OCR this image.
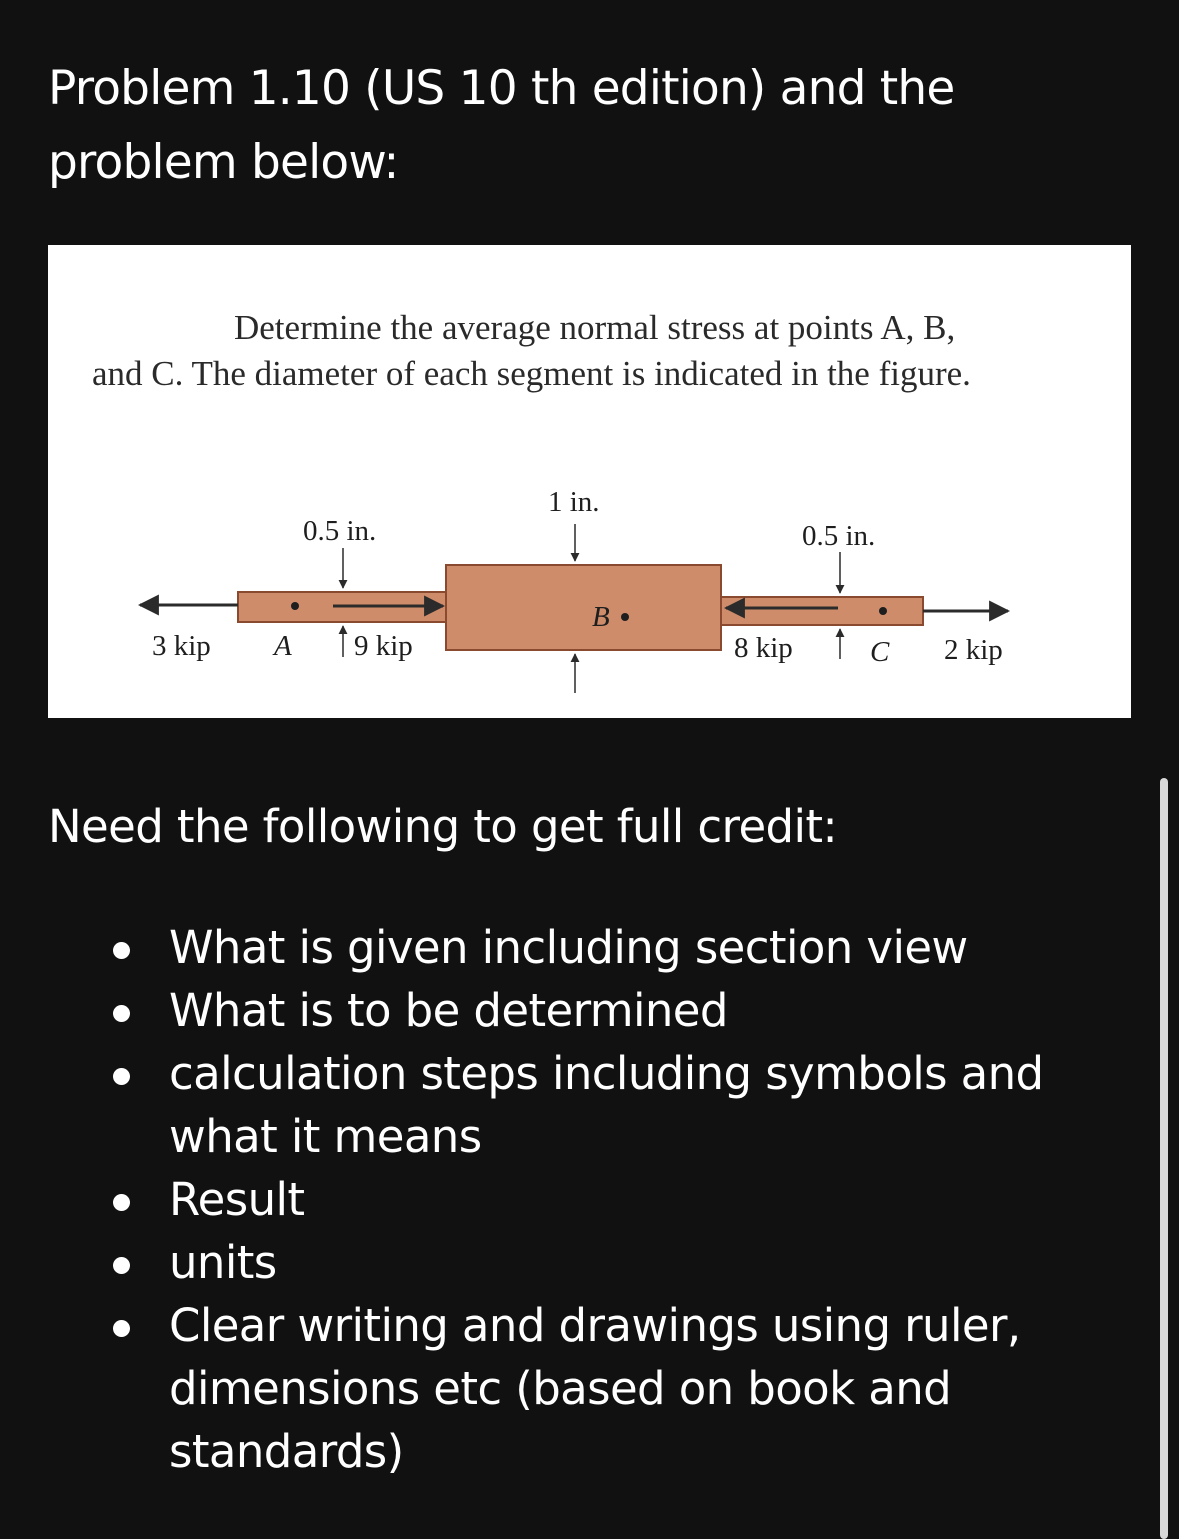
Problem 1.10 (US 10 th edition) and the problem below:

Determine the average normal stress at points A, B,
and C. The diameter of each segment is indicated in the figure.

0.5 in.
1 in.
0.5 in.
3 kip	9 kip	8 kip	2 kip
A
B
C
Need the following to get full credit:
What is given including section view
What is to be determined
calculation steps including symbols and what it means
Result
units
Clear writing and drawings using ruler, dimensions etc (based on book and standards)
